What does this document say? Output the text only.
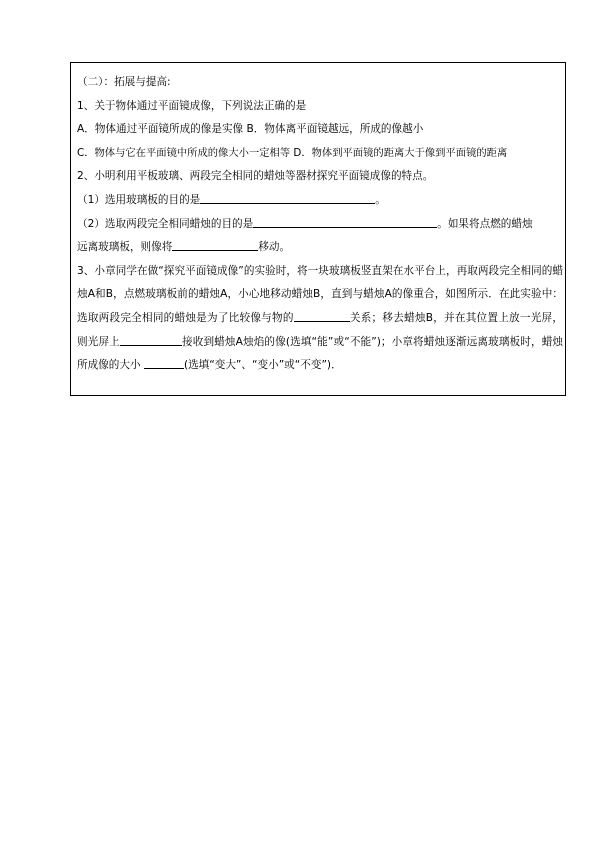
（二）：拓展与提高:
1、关于物体通过平面镜成像，下列说法正确的是
A．物体通过平面镜所成的像是实像 B．物体离平面镜越远，所成的像越小
C．物体与它在平面镜中所成的像大小一定相等 D．物体到平面镜的距离大于像到平面镜的距离
2、小明利用平板玻璃、两段完全相同的蜡烛等器材探究平面镜成像的特点。
（1）选用玻璃板的目的是	。
（2）选取两段完全相同蜡烛的目的是	。如果将点燃的蜡烛
远离玻璃板，则像将	移动。
3、小章同学在做“探究平面镜成像”的实验时，将一块玻璃板竖直架在水平台上，再取两段完全相同的蜡烛A和B，点燃玻璃板前的蜡烛A，小心地移动蜡烛B，直到与蜡烛A的像重合，如图所示．在此实验中：选取两段完全相同的蜡烛是为了比较像与物的	关系；移去蜡烛B，并在其位置上放一光屏，则光屏上	接收到蜡烛A烛焰的像(选填“能”或“不能”)；小章将蜡烛逐渐远离玻璃板时，蜡烛所成像的大小	(选填“变大”、“变小”或“不变”)．
